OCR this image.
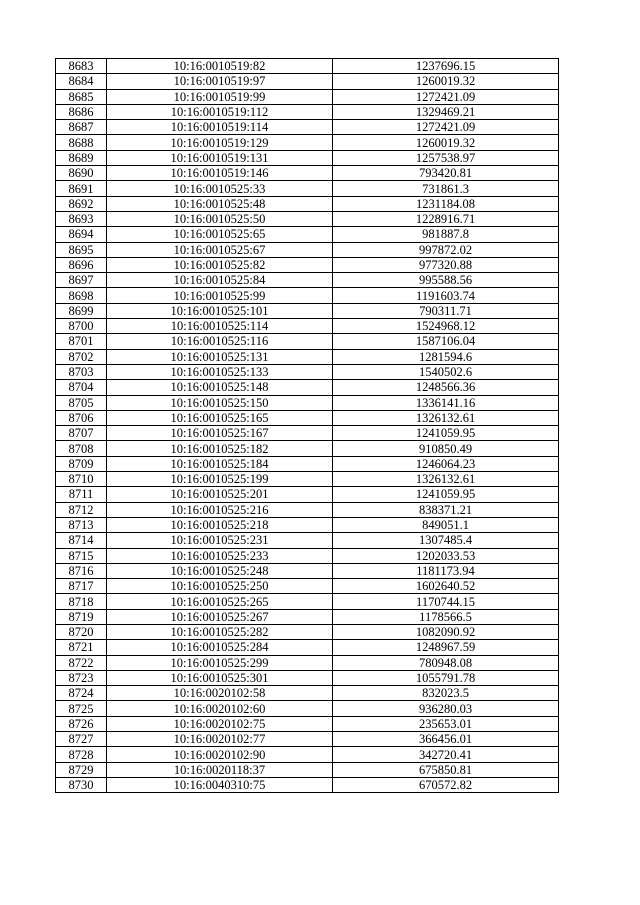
8683	10:16:0010519:82	1237696.15
8684	10:16:0010519:97	1260019.32
8685	10:16:0010519:99	1272421.09
8686	10:16:0010519:112	1329469.21
8687	10:16:0010519:114	1272421.09
8688	10:16:0010519:129	1260019.32
8689	10:16:0010519:131	1257538.97
8690	10:16:0010519:146	793420.81
8691	10:16:0010525:33	731861.3
8692	10:16:0010525:48	1231184.08
8693	10:16:0010525:50	1228916.71
8694	10:16:0010525:65	981887.8
8695	10:16:0010525:67	997872.02
8696	10:16:0010525:82	977320.88
8697	10:16:0010525:84	995588.56
8698	10:16:0010525:99	1191603.74
8699	10:16:0010525:101	790311.71
8700	10:16:0010525:114	1524968.12
8701	10:16:0010525:116	1587106.04
8702	10:16:0010525:131	1281594.6
8703	10:16:0010525:133	1540502.6
8704	10:16:0010525:148	1248566.36
8705	10:16:0010525:150	1336141.16
8706	10:16:0010525:165	1326132.61
8707	10:16:0010525:167	1241059.95
8708	10:16:0010525:182	910850.49
8709	10:16:0010525:184	1246064.23
8710	10:16:0010525:199	1326132.61
8711	10:16:0010525:201	1241059.95
8712	10:16:0010525:216	838371.21
8713	10:16:0010525:218	849051.1
8714	10:16:0010525:231	1307485.4
8715	10:16:0010525:233	1202033.53
8716	10:16:0010525:248	1181173.94
8717	10:16:0010525:250	1602640.52
8718	10:16:0010525:265	1170744.15
8719	10:16:0010525:267	1178566.5
8720	10:16:0010525:282	1082090.92
8721	10:16:0010525:284	1248967.59
8722	10:16:0010525:299	780948.08
8723	10:16:0010525:301	1055791.78
8724	10:16:0020102:58	832023.5
8725	10:16:0020102:60	936280.03
8726	10:16:0020102:75	235653.01
8727	10:16:0020102:77	366456.01
8728	10:16:0020102:90	342720.41
8729	10:16:0020118:37	675850.81
8730	10:16:0040310:75	670572.82
